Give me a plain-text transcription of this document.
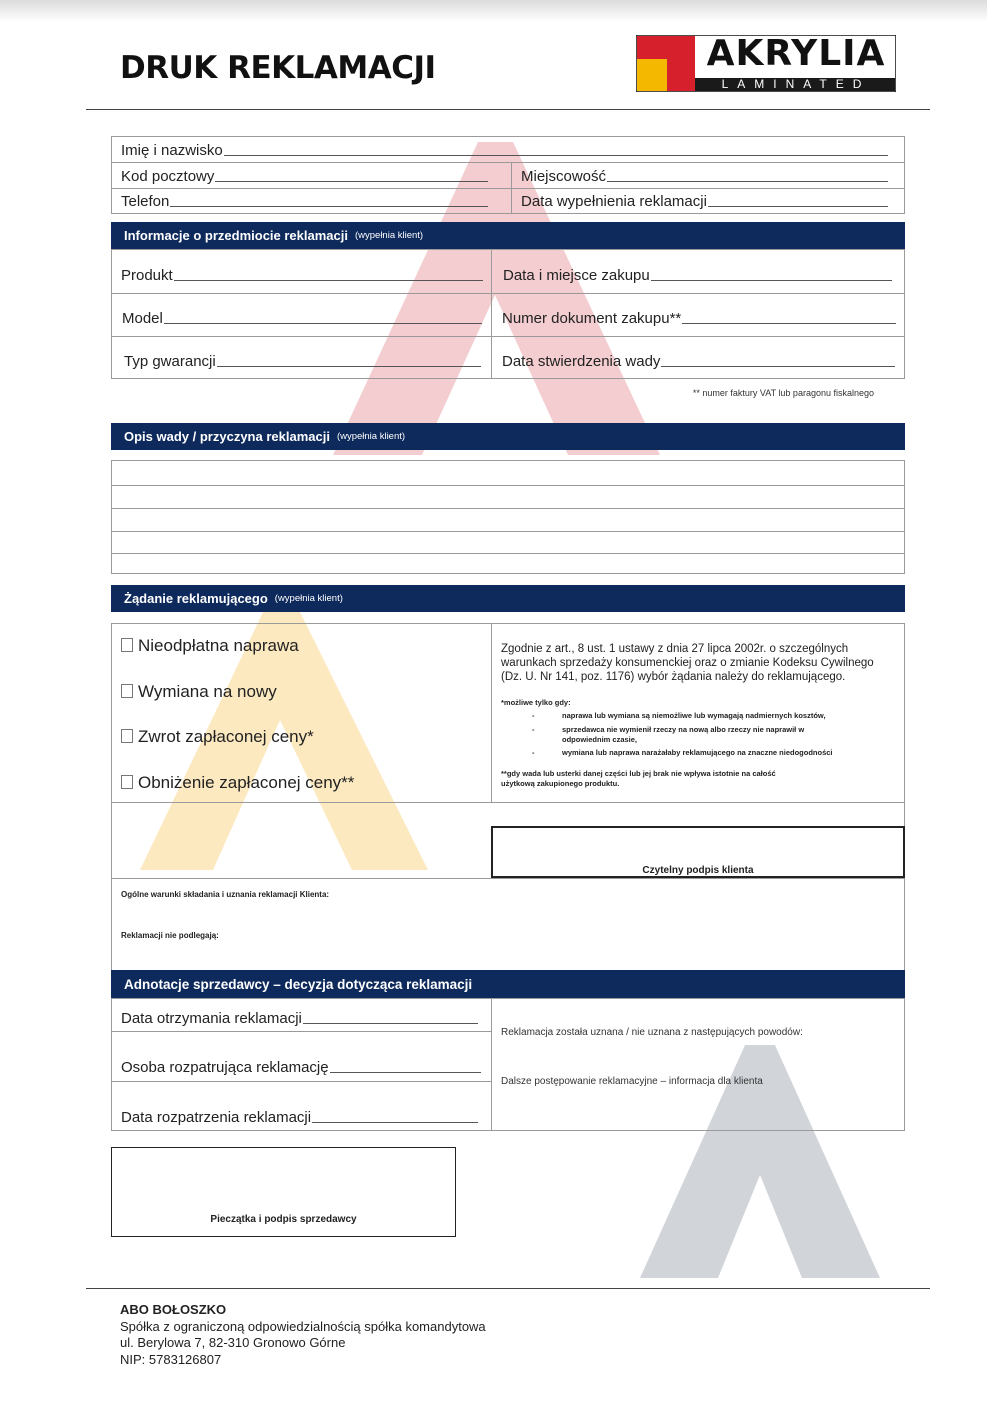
DRUK REKLAMACJI	AKRYLIA
LAMINATED
Imię i nazwisko
Kod pocztowy	Miejscowość
Telefon	Data wypełnienia reklamacji
Informacje o przedmiocie reklamacji (wypełnia klient)
Produkt	Data i miejsce zakupu
Model	Numer dokument zakupu**
Typ gwarancji	Data stwierdzenia wady
** numer faktury VAT lub paragonu fiskalnego
Opis wady / przyczyna reklamacji (wypełnia klient)
Żądanie reklamującego (wypełnia klient)
Nieodpłatna naprawa
Wymiana na nowy
Zwrot zapłaconej ceny*
Obniżenie zapłaconej ceny**
Zgodnie z art., 8 ust. 1 ustawy z dnia 27 lipca 2002r. o szczególnych warunkach sprzedaży konsumenckiej oraz o zmianie Kodeksu Cywilnego (Dz. U. Nr 141, poz. 1176) wybór żądania należy do reklamującego.
*możliwe tylko gdy:
-	naprawa lub wymiana są niemożliwe lub wymagają nadmiernych kosztów,
-	sprzedawca nie wymienił rzeczy na nową albo rzeczy nie naprawił w odpowiednim czasie,
-	wymiana lub naprawa narażałaby reklamującego na znaczne niedogodności
**gdy wada lub usterki danej części lub jej brak nie wpływa istotnie na całość użytkową zakupionego produktu.
Czytelny podpis klienta
Ogólne warunki składania i uznania reklamacji Klienta:
Reklamacji nie podlegają:
Adnotacje sprzedawcy – decyzja dotycząca reklamacji
Data otrzymania reklamacji
Osoba rozpatrująca reklamację
Data rozpatrzenia reklamacji
Reklamacja została uznana / nie uznana z następujących powodów:
Dalsze postępowanie reklamacyjne – informacja dla klienta
Pieczątka i podpis sprzedawcy
ABO BOŁOSZKO
Spółka z ograniczoną odpowiedzialnością spółka komandytowa
ul. Berylowa 7, 82-310 Gronowo Górne
NIP: 5783126807
